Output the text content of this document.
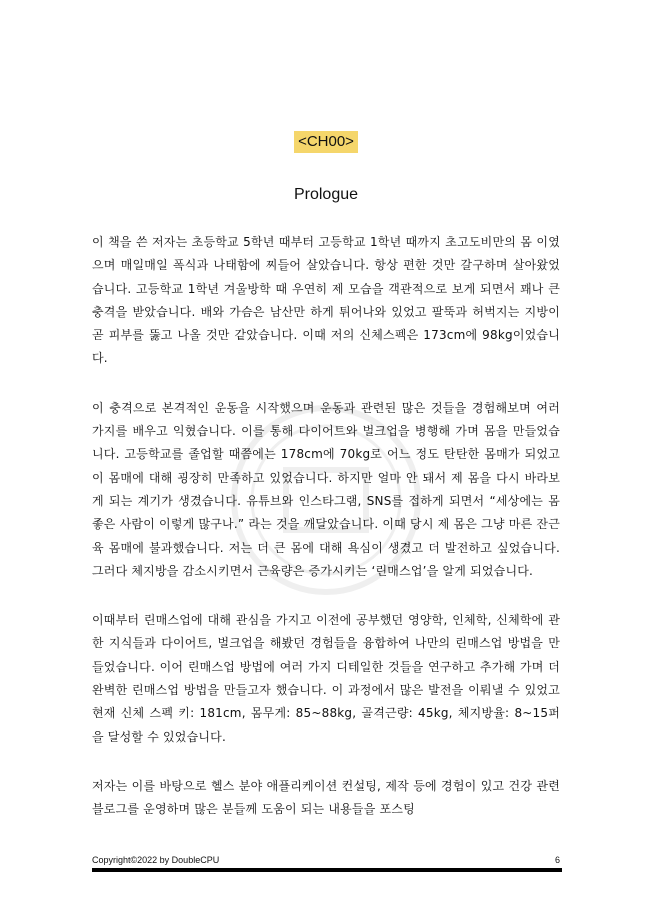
<CH00>
Prologue

이 책을 쓴 저자는 초등학교 5학년 때부터 고등학교 1학년 때까지 초고도비만의 몸 이였으며 매일매일 폭식과 나태함에 찌들어 살았습니다. 항상 편한 것만 갈구하며 살아왔었습니다. 고등학교 1학년 겨울방학 때 우연히 제 모습을 객관적으로 보게 되면서 꽤나 큰 충격을 받았습니다. 배와 가슴은 남산만 하게 튀어나와 있었고 팔뚝과 허벅지는 지방이 곧 피부를 뚫고 나올 것만 같았습니다. 이때 저의 신체스펙은 173cm에 98kg이었습니다.

이 충격으로 본격적인 운동을 시작했으며 운동과 관련된 많은 것들을 경험해보며 여러 가지를 배우고 익혔습니다. 이를 통해 다이어트와 벌크업을 병행해 가며 몸을 만들었습니다. 고등학교를 졸업할 때쯤에는 178cm에 70kg로 어느 정도 탄탄한 몸매가 되었고 이 몸매에 대해 굉장히 만족하고 있었습니다. 하지만 얼마 안 돼서 제 몸을 다시 바라보게 되는 계기가 생겼습니다. 유튜브와 인스타그램, SNS를 접하게 되면서 “세상에는 몸 좋은 사람이 이렇게 많구나.” 라는 것을 깨달았습니다. 이때 당시 제 몸은 그냥 마른 잔근육 몸매에 불과했습니다. 저는 더 큰 몸에 대해 욕심이 생겼고 더 발전하고 싶었습니다. 그러다 체지방을 감소시키면서 근육량은 증가시키는 ‘린매스업’을 알게 되었습니다.

이때부터 린매스업에 대해 관심을 가지고 이전에 공부했던 영양학, 인체학, 신체학에 관한 지식들과 다이어트, 벌크업을 해봤던 경험들을 융합하여 나만의 린매스업 방법을 만들었습니다. 이어 린매스업 방법에 여러 가지 디테일한 것들을 연구하고 추가해 가며 더 완벽한 린매스업 방법을 만들고자 했습니다. 이 과정에서 많은 발전을 이뤄낼 수 있었고 현재 신체 스펙 키: 181cm, 몸무게: 85~88kg, 골격근량: 45kg, 체지방율: 8~15퍼을 달성할 수 있었습니다.

저자는 이를 바탕으로 헬스 분야 애플리케이션 컨설팅, 제작 등에 경험이 있고 건강 관련 블로그를 운영하며 많은 분들께 도움이 되는 내용들을 포스팅

Copyright©2022 by DoubleCPU	6
